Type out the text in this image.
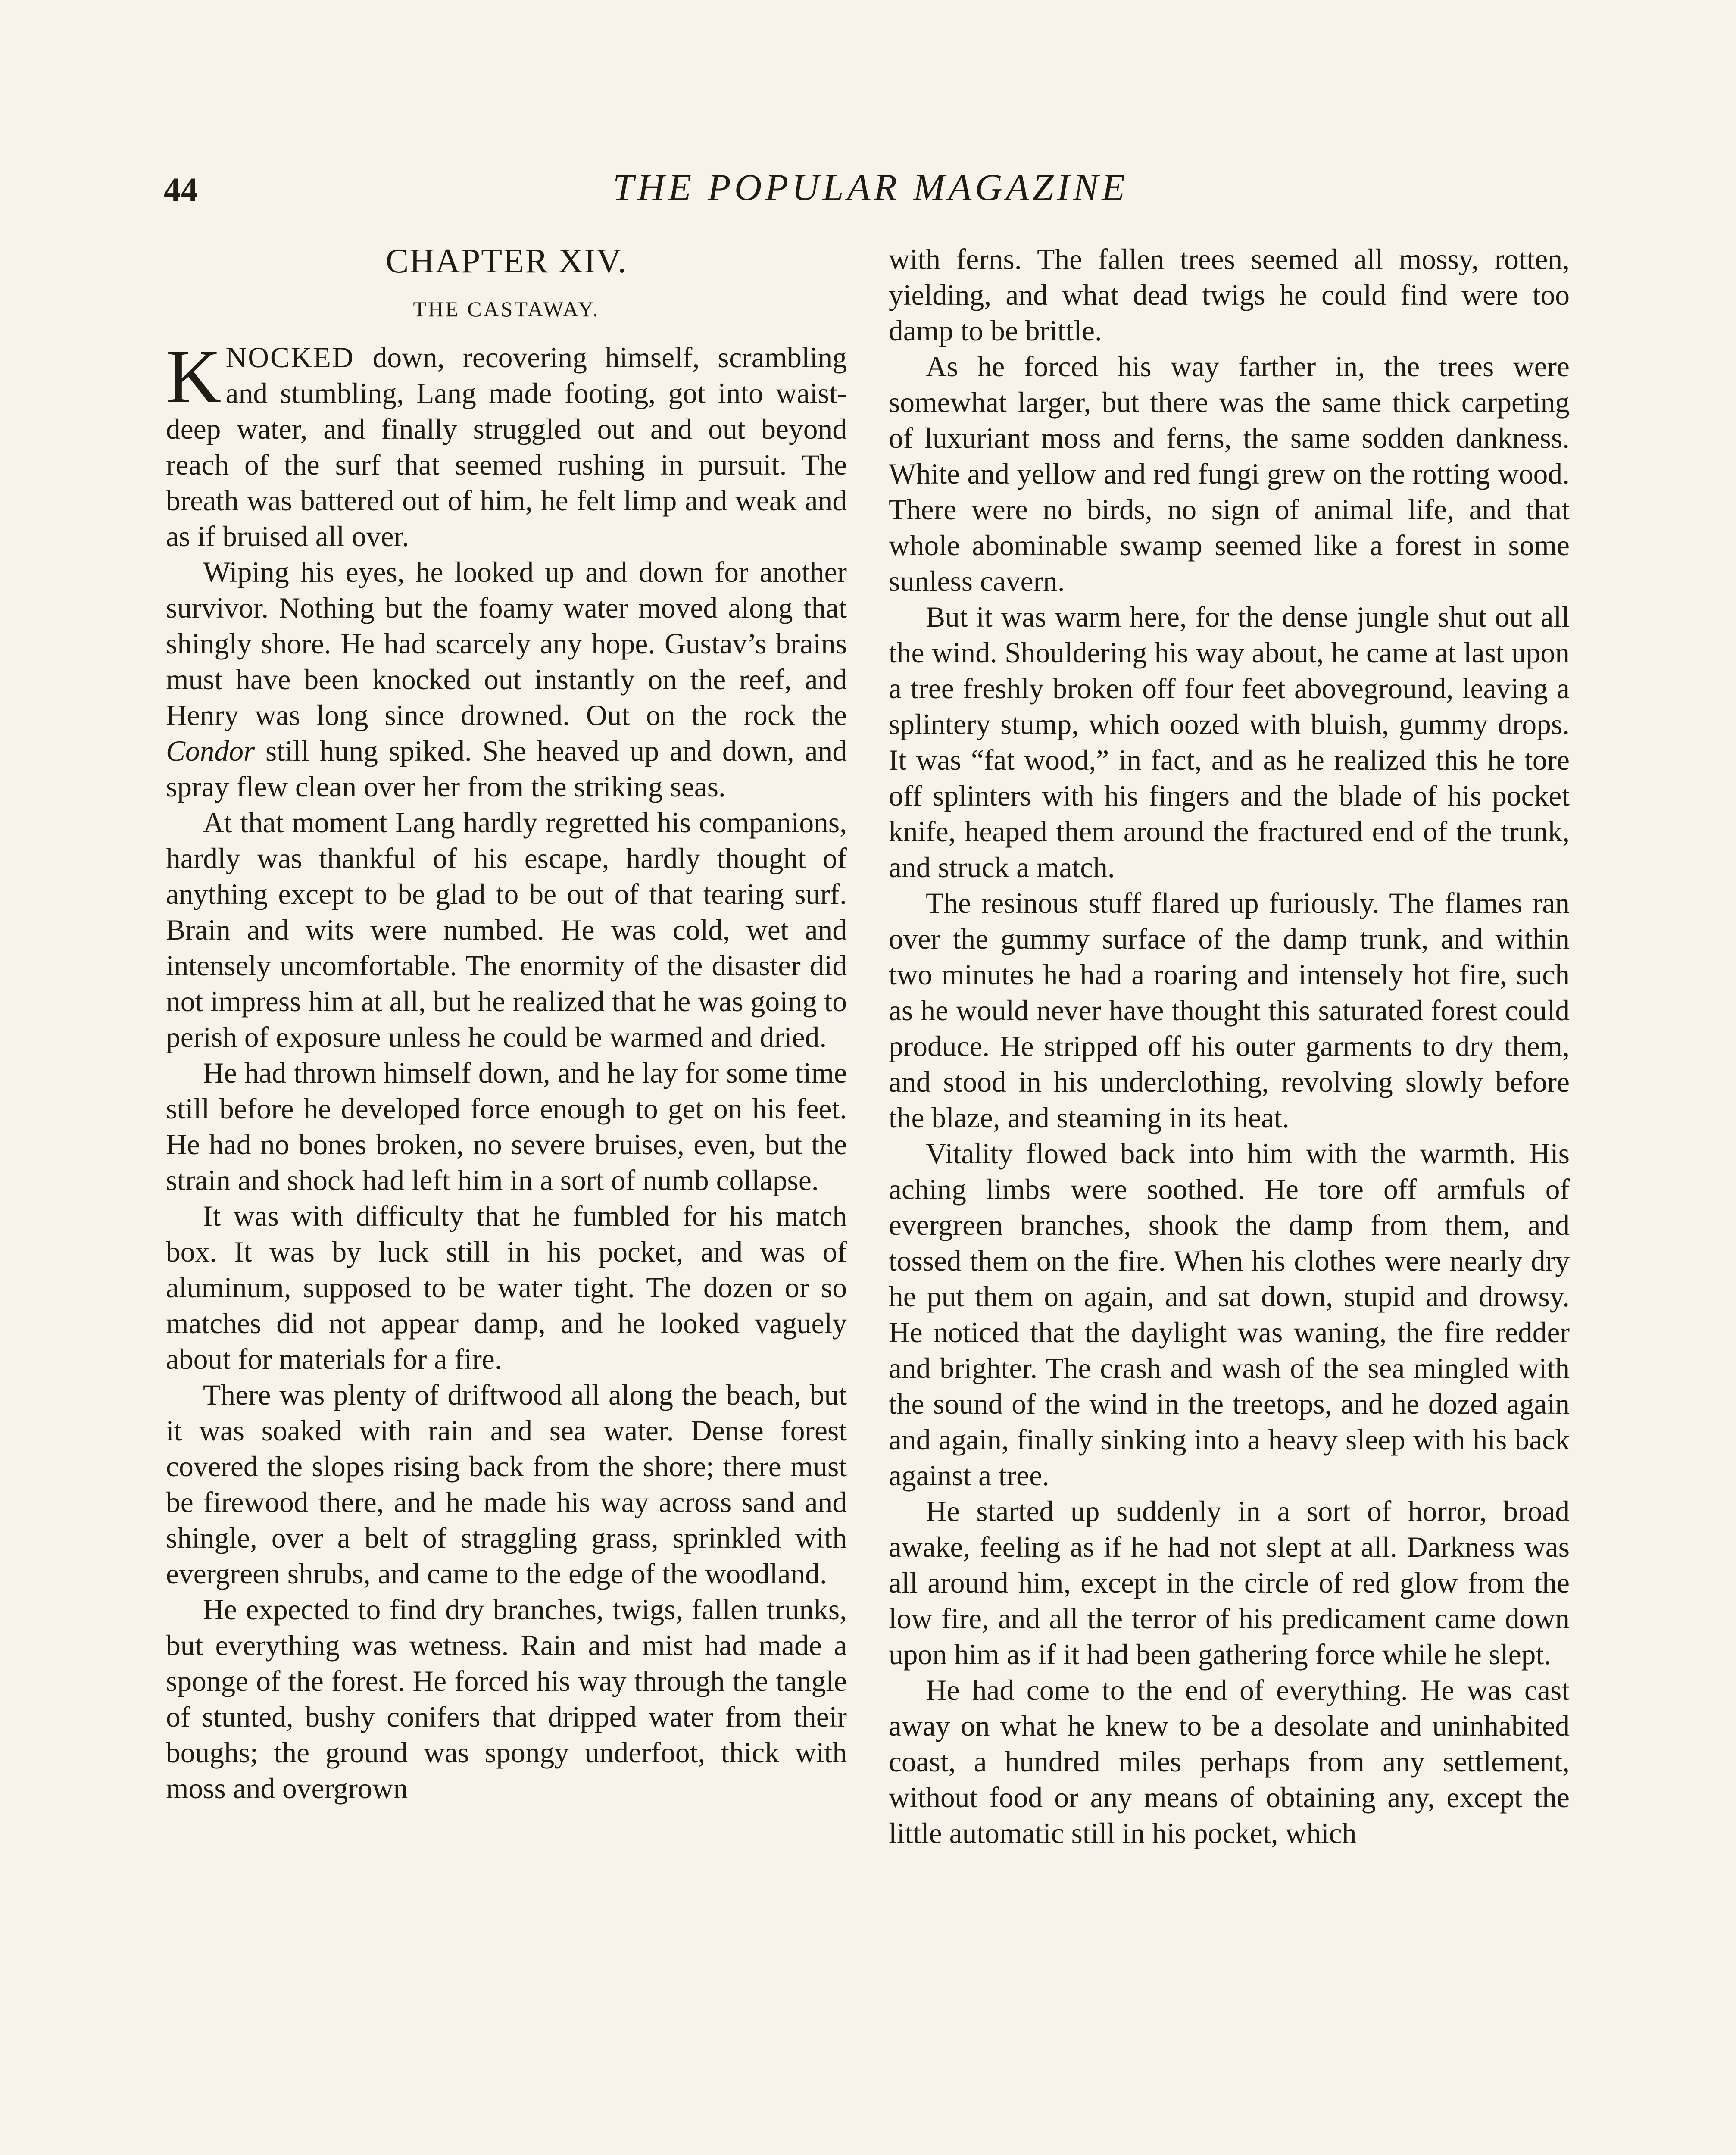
44	THE POPULAR MAGAZINE
CHAPTER XIV.
THE CASTAWAY.

KNOCKED down, recovering himself, scrambling and stumbling, Lang made footing, got into waist-deep water, and finally struggled out and out beyond reach of the surf that seemed rushing in pursuit. The breath was battered out of him, he felt limp and weak and as if bruised all over.

Wiping his eyes, he looked up and down for another survivor. Nothing but the foamy water moved along that shingly shore. He had scarcely any hope. Gustav’s brains must have been knocked out instantly on the reef, and Henry was long since drowned. Out on the rock the Condor still hung spiked. She heaved up and down, and spray flew clean over her from the striking seas.

At that moment Lang hardly regretted his companions, hardly was thankful of his escape, hardly thought of anything except to be glad to be out of that tearing surf. Brain and wits were numbed. He was cold, wet and intensely uncomfortable. The enormity of the disaster did not impress him at all, but he realized that he was going to perish of exposure unless he could be warmed and dried.

He had thrown himself down, and he lay for some time still before he developed force enough to get on his feet. He had no bones broken, no severe bruises, even, but the strain and shock had left him in a sort of numb collapse.

It was with difficulty that he fumbled for his match box. It was by luck still in his pocket, and was of aluminum, supposed to be water tight. The dozen or so matches did not appear damp, and he looked vaguely about for materials for a fire.

There was plenty of driftwood all along the beach, but it was soaked with rain and sea water. Dense forest covered the slopes rising back from the shore; there must be firewood there, and he made his way across sand and shingle, over a belt of straggling grass, sprinkled with evergreen shrubs, and came to the edge of the woodland.

He expected to find dry branches, twigs, fallen trunks, but everything was wetness. Rain and mist had made a sponge of the forest. He forced his way through the tangle of stunted, bushy conifers that dripped water from their boughs; the ground was spongy underfoot, thick with moss and overgrown

with ferns. The fallen trees seemed all mossy, rotten, yielding, and what dead twigs he could find were too damp to be brittle.

As he forced his way farther in, the trees were somewhat larger, but there was the same thick carpeting of luxuriant moss and ferns, the same sodden dankness. White and yellow and red fungi grew on the rotting wood. There were no birds, no sign of animal life, and that whole abominable swamp seemed like a forest in some sunless cavern.

But it was warm here, for the dense jungle shut out all the wind. Shouldering his way about, he came at last upon a tree freshly broken off four feet aboveground, leaving a splintery stump, which oozed with bluish, gummy drops. It was “fat wood,” in fact, and as he realized this he tore off splinters with his fingers and the blade of his pocket knife, heaped them around the fractured end of the trunk, and struck a match.

The resinous stuff flared up furiously. The flames ran over the gummy surface of the damp trunk, and within two minutes he had a roaring and intensely hot fire, such as he would never have thought this saturated forest could produce. He stripped off his outer garments to dry them, and stood in his underclothing, revolving slowly before the blaze, and steaming in its heat.

Vitality flowed back into him with the warmth. His aching limbs were soothed. He tore off armfuls of evergreen branches, shook the damp from them, and tossed them on the fire. When his clothes were nearly dry he put them on again, and sat down, stupid and drowsy. He noticed that the daylight was waning, the fire redder and brighter. The crash and wash of the sea mingled with the sound of the wind in the treetops, and he dozed again and again, finally sinking into a heavy sleep with his back against a tree.

He started up suddenly in a sort of horror, broad awake, feeling as if he had not slept at all. Darkness was all around him, except in the circle of red glow from the low fire, and all the terror of his predicament came down upon him as if it had been gathering force while he slept.

He had come to the end of everything. He was cast away on what he knew to be a desolate and uninhabited coast, a hundred miles perhaps from any settlement, without food or any means of obtaining any, except the little automatic still in his pocket, which
